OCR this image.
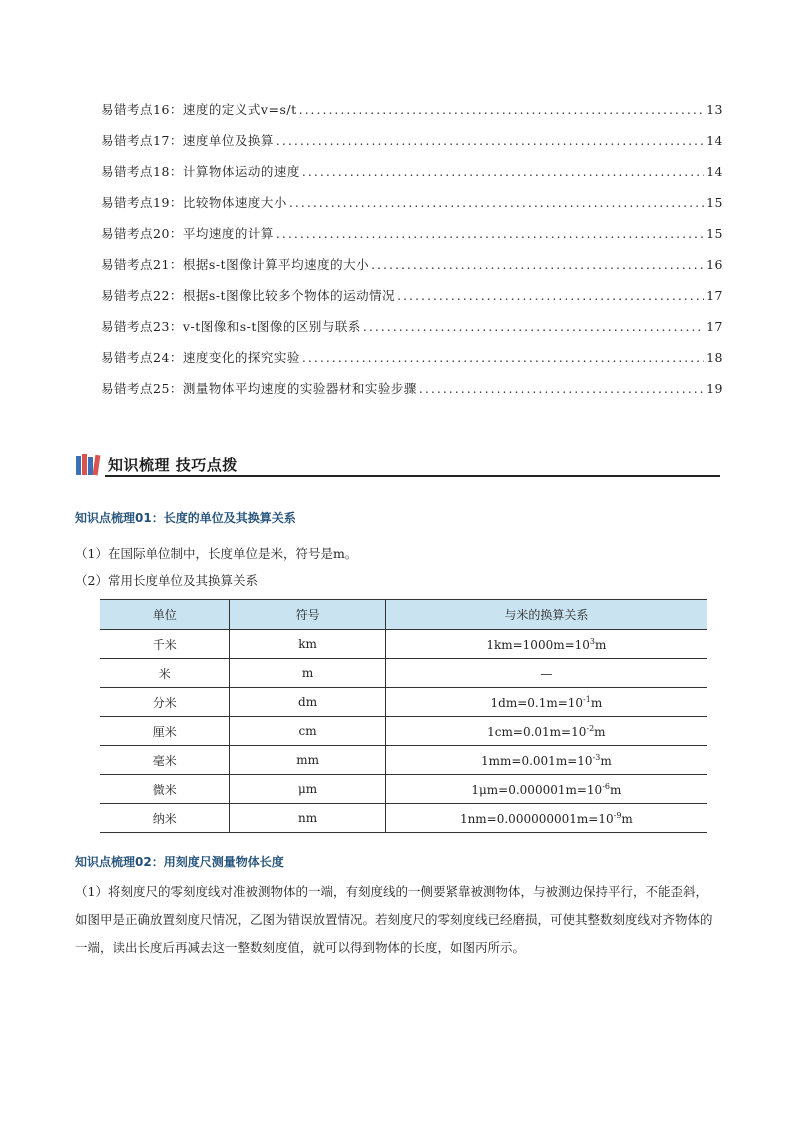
易错考点16：速度的定义式v=s/t .....	13
易错考点17：速度单位及换算 .....	14
易错考点18：计算物体运动的速度 .....	14
易错考点19：比较物体速度大小 .....	15
易错考点20：平均速度的计算 .....	15
易错考点21：根据s-t图像计算平均速度的大小 .....	16
易错考点22：根据s-t图像比较多个物体的运动情况 .....	17
易错考点23：v-t图像和s-t图像的区别与联系 .....	17
易错考点24：速度变化的探究实验 .....	18
易错考点25：测量物体平均速度的实验器材和实验步骤 .....	19
知识梳理 技巧点拨
知识点梳理01：长度的单位及其换算关系
（1）在国际单位制中，长度单位是米，符号是m。
（2）常用长度单位及其换算关系
单位	符号	与米的换算关系
千米	km	$1km=1000m=10^3m$
米	m	—
分米	dm	$1dm=0.1m=10^{-1}m$
厘米	cm	$1cm=0.01m=10^{-2}m$
毫米	mm	$1mm=0.001m=10^{-3}m$
微米	μm	$1\mu m=0.000001m=10^{-6}m$
纳米	nm	$1nm=0.000000001m=10^{-9}m$
知识点梳理02：用刻度尺测量物体长度
（1）将刻度尺的零刻度线对准被测物体的一端，有刻度线的一侧要紧靠被测物体，与被测边保持平行，不能歪斜，如图甲是正确放置刻度尺情况，乙图为错误放置情况。若刻度尺的零刻度线已经磨损，可使其整数刻度线对齐物体的一端，读出长度后再减去这一整数刻度值，就可以得到物体的长度，如图丙所示。
